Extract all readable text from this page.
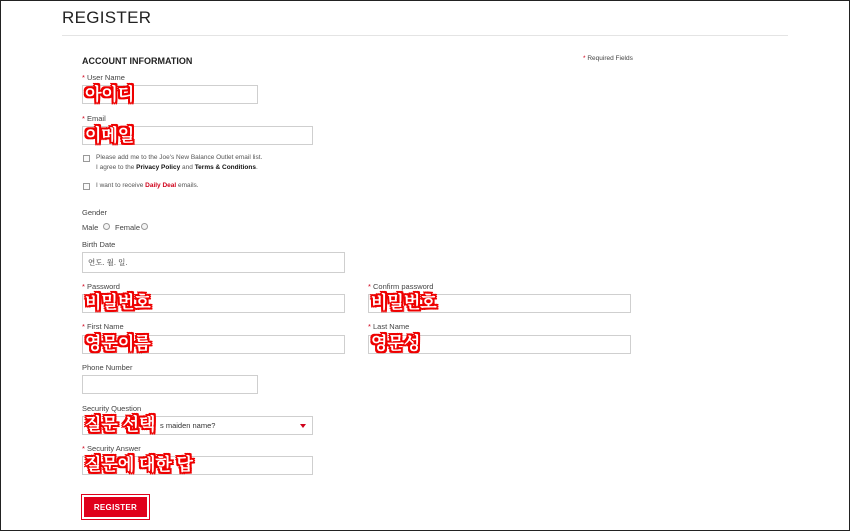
REGISTER
ACCOUNT INFORMATION	* Required Fields
* User Name
아이디
* Email
이메일
Please add me to the Joe's New Balance Outlet email list.
I agree to the Privacy Policy and Terms & Conditions.
I want to receive Daily Deal emails.
Gender
Male Female
Birth Date
연도. 월. 일.
* Password
비밀번호
* Confirm password
비밀번호
* First Name
영문이름
* Last Name
영문성
Phone Number
Security Question
s maiden name?
질문 선택
* Security Answer
질문에 대한 답
REGISTER
